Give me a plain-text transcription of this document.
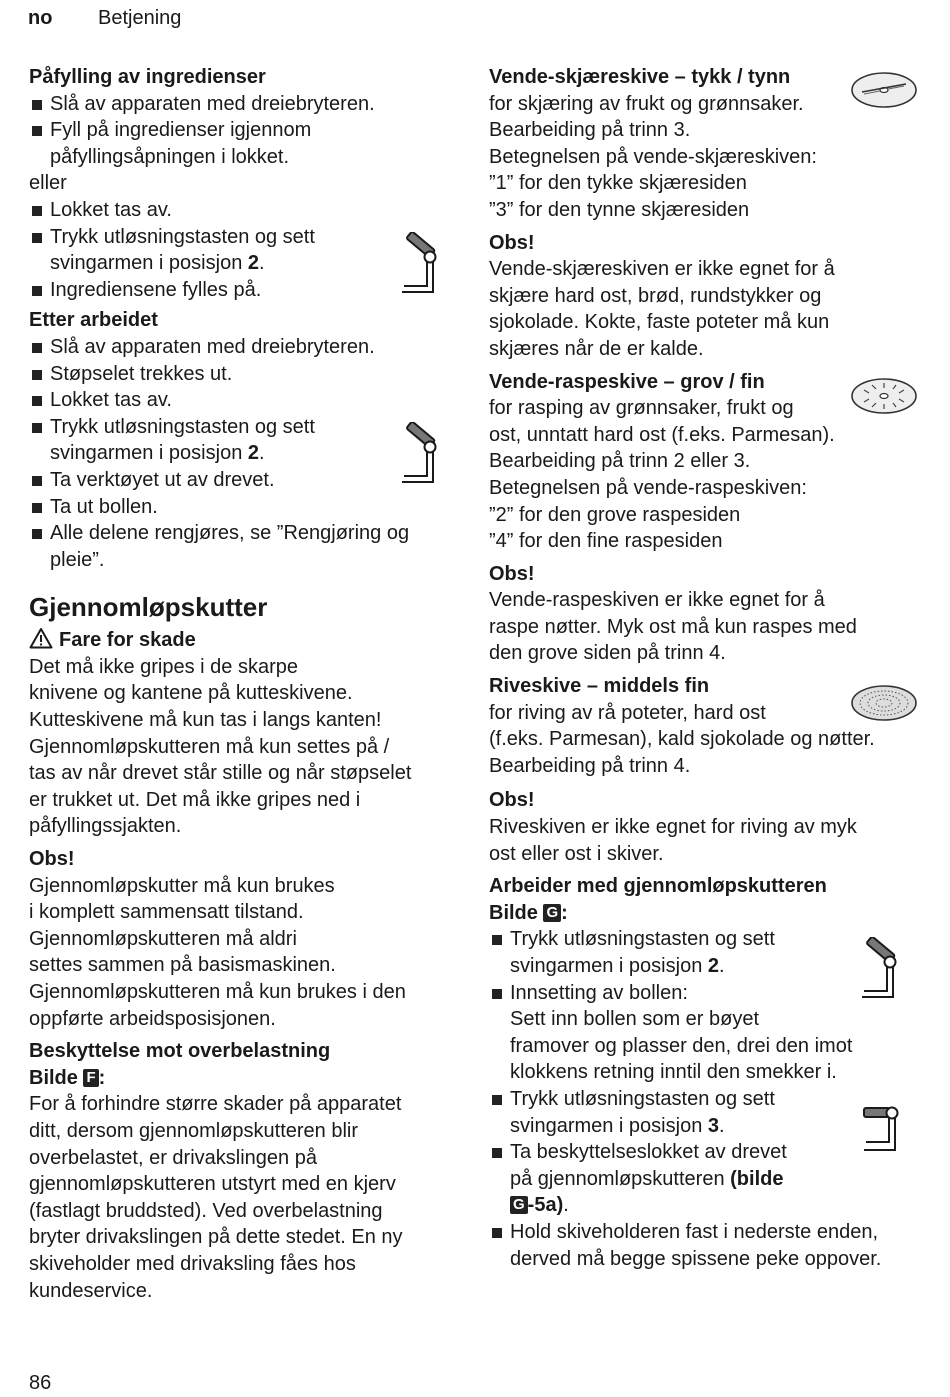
no Betjening

Påfylling av ingredienser

Slå av apparaten med dreiebryteren.

Fyll på ingredienser igjennom
påfyllingsåpningen i lokket.

eller

Lokket tas av.

Trykk utløsningstasten og sett
svingarmen i posisjon 2.

Ingrediensene fylles på.

Etter arbeidet

Slå av apparaten med dreiebryteren.

Støpselet trekkes ut.

Lokket tas av.

Trykk utløsningstasten og sett
svingarmen i posisjon 2.

Ta verktøyet ut av drevet.

Ta ut bollen.

Alle delene rengjøres, se ”Rengjøring og
pleie”.

Gjennomløpskutter

Fare for skade

Det må ikke gripes i de skarpe
knivene og kantene på kutteskivene.
Kutteskivene må kun tas i langs kanten!
Gjennomløpskutteren må kun settes på /
tas av når drevet står stille og når støpselet
er trukket ut. Det må ikke gripes ned i
påfyllingssjakten.

Obs!

Gjennomløpskutter må kun brukes
i komplett sammensatt tilstand.
Gjennomløpskutteren må aldri
settes sammen på basismaskinen.
Gjennomløpskutteren må kun brukes i den
oppførte arbeidsposisjonen.

Beskyttelse mot overbelastning

Bilde F :

For å forhindre større skader på apparatet
ditt, dersom gjennomløpskutteren blir
overbelastet, er drivakslingen på
gjennomløpskutteren utstyrt med en kjerv
(fastlagt bruddsted). Ved overbelastning
bryter drivakslingen på dette stedet. En ny
skiveholder med drivaksling fåes hos
kundeservice.

Vende-skjæreskive – tykk / tynn

for skjæring av frukt og grønnsaker.
Bearbeiding på trinn 3.
Betegnelsen på vende-skjæreskiven:
”1” for den tykke skjæresiden
”3” for den tynne skjæresiden

Obs!

Vende-skjæreskiven er ikke egnet for å
skjære hard ost, brød, rundstykker og
sjokolade. Kokte, faste poteter må kun
skjæres når de er kalde.

Vende-raspeskive – grov / fin

for rasping av grønnsaker, frukt og
ost, unntatt hard ost (f.eks. Parmesan).
Bearbeiding på trinn 2 eller 3.
Betegnelsen på vende-raspeskiven:
”2” for den grove raspesiden
”4” for den fine raspesiden

Obs!

Vende-raspeskiven er ikke egnet for å
raspe nøtter. Myk ost må kun raspes med
den grove siden på trinn 4.

Riveskive – middels fin

for riving av rå poteter, hard ost
(f.eks. Parmesan), kald sjokolade og nøtter.
Bearbeiding på trinn 4.

Obs!

Riveskiven er ikke egnet for riving av myk
ost eller ost i skiver.

Arbeider med gjennomløpskutteren

Bilde G :

Trykk utløsningstasten og sett
svingarmen i posisjon 2.

Innsetting av bollen:
Sett inn bollen som er bøyet
framover og plasser den, drei den imot
klokkens retning inntil den smekker i.

Trykk utløsningstasten og sett
svingarmen i posisjon 3.

Ta beskyttelseslokket av drevet
på gjennomløpskutteren (bilde
G -5a).

Hold skiveholderen fast i nederste enden,
derved må begge spissene peke oppover.

86
